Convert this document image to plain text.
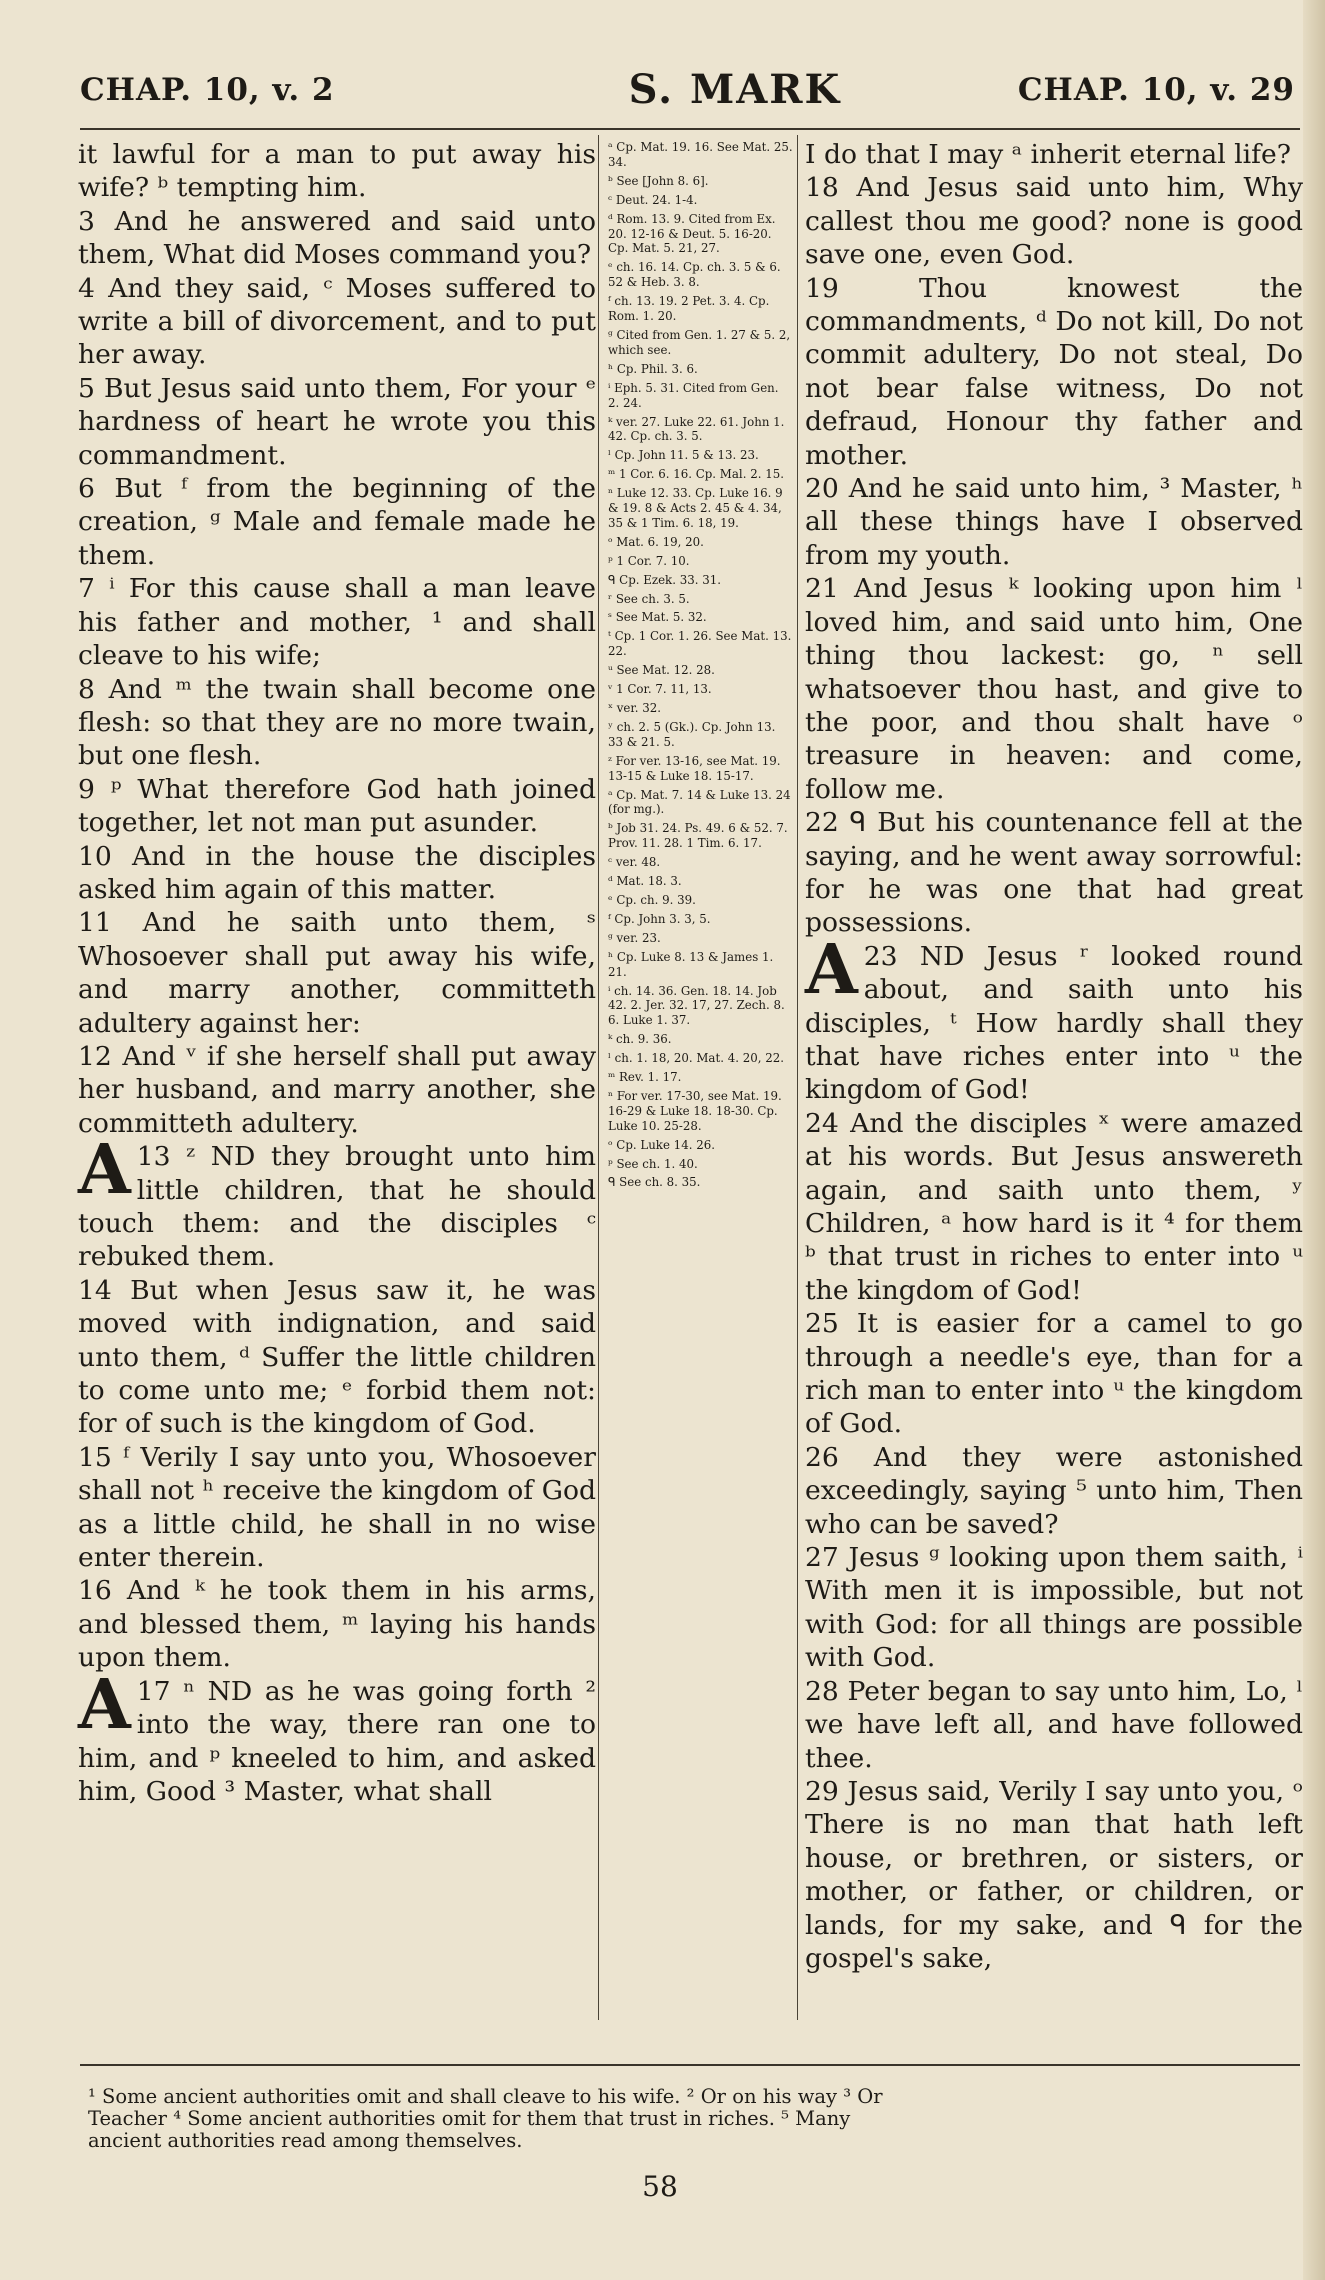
CHAP. 10, v. 2	S. MARK	CHAP. 10, v. 29

it lawful for a man to put away his wife? ᵇ tempting him.

3 And he answered and said unto them, What did Moses command you?

4 And they said, ᶜ Moses suffered to write a bill of divorcement, and to put her away.

5 But Jesus said unto them, For your ᵉ hardness of heart he wrote you this commandment.

6 But ᶠ from the beginning of the creation, ᵍ Male and female made he them.

7 ⁱ For this cause shall a man leave his father and mother, ¹ and shall cleave to his wife;

8 And ᵐ the twain shall become one flesh: so that they are no more twain, but one flesh.

9 ᵖ What therefore God hath joined together, let not man put asunder.

10 And in the house the disciples asked him again of this matter.

11 And he saith unto them, ˢ Whosoever shall put away his wife, and marry another, committeth adultery against her:

12 And ᵛ if she herself shall put away her husband, and marry another, she committeth adultery.

13 ᶻ
A	ND they brought unto him little children, that he should touch them: and the disciples ᶜ rebuked them.

14 But when Jesus saw it, he was moved with indignation, and said unto them, ᵈ Suffer the little children to come unto me; ᵉ forbid them not: for of such is the kingdom of God.

15 ᶠ Verily I say unto you, Whosoever shall not ʰ receive the kingdom of God as a little child, he shall in no wise enter therein.

16 And ᵏ he took them in his arms, and blessed them, ᵐ laying his hands upon them.

17 ⁿ
A	ND as he was going forth ² into the way, there ran one to him, and ᵖ kneeled to him, and asked him, Good ³ Master, what shall

ᵃ Cp. Mat. 19. 16. See Mat. 25. 34.
ᵇ See [John 8. 6].
ᶜ Deut. 24. 1-4.
ᵈ Rom. 13. 9. Cited from Ex. 20. 12-16 & Deut. 5. 16-20. Cp. Mat. 5. 21, 27.
ᵉ ch. 16. 14. Cp. ch. 3. 5 & 6. 52 & Heb. 3. 8.
ᶠ ch. 13. 19. 2 Pet. 3. 4. Cp. Rom. 1. 20.
ᵍ Cited from Gen. 1. 27 & 5. 2, which see.
ʰ Cp. Phil. 3. 6.
ⁱ Eph. 5. 31. Cited from Gen. 2. 24.
ᵏ ver. 27. Luke 22. 61. John 1. 42. Cp. ch. 3. 5.
ˡ Cp. John 11. 5 & 13. 23.
ᵐ 1 Cor. 6. 16. Cp. Mal. 2. 15.
ⁿ Luke 12. 33. Cp. Luke 16. 9 & 19. 8 & Acts 2. 45 & 4. 34, 35 & 1 Tim. 6. 18, 19.
ᵒ Mat. 6. 19, 20.
ᵖ 1 Cor. 7. 10.
ᑫ Cp. Ezek. 33. 31.
ʳ See ch. 3. 5.
ˢ See Mat. 5. 32.
ᵗ Cp. 1 Cor. 1. 26. See Mat. 13. 22.
ᵘ See Mat. 12. 28.
ᵛ 1 Cor. 7. 11, 13.
ˣ ver. 32.
ʸ ch. 2. 5 (Gk.). Cp. John 13. 33 & 21. 5.
ᶻ For ver. 13-16, see Mat. 19. 13-15 & Luke 18. 15-17.
ᵃ Cp. Mat. 7. 14 & Luke 13. 24 (for mg.).
ᵇ Job 31. 24. Ps. 49. 6 & 52. 7. Prov. 11. 28. 1 Tim. 6. 17.
ᶜ ver. 48.
ᵈ Mat. 18. 3.
ᵉ Cp. ch. 9. 39.
ᶠ Cp. John 3. 3, 5.
ᵍ ver. 23.
ʰ Cp. Luke 8. 13 & James 1. 21.
ⁱ ch. 14. 36. Gen. 18. 14. Job 42. 2. Jer. 32. 17, 27. Zech. 8. 6. Luke 1. 37.
ᵏ ch. 9. 36.
ˡ ch. 1. 18, 20. Mat. 4. 20, 22.
ᵐ Rev. 1. 17.
ⁿ For ver. 17-30, see Mat. 19. 16-29 & Luke 18. 18-30. Cp. Luke 10. 25-28.
ᵒ Cp. Luke 14. 26.
ᵖ See ch. 1. 40.
ᑫ See ch. 8. 35.

I do that I may ᵃ inherit eternal life?

18 And Jesus said unto him, Why callest thou me good? none is good save one, even God.

19 Thou knowest the commandments, ᵈ Do not kill, Do not commit adultery, Do not steal, Do not bear false witness, Do not defraud, Honour thy father and mother.

20 And he said unto him, ³ Master, ʰ all these things have I observed from my youth.

21 And Jesus ᵏ looking upon him ˡ loved him, and said unto him, One thing thou lackest: go, ⁿ sell whatsoever thou hast, and give to the poor, and thou shalt have ᵒ treasure in heaven: and come, follow me.

22 ᑫ But his countenance fell at the saying, and he went away sorrowful: for he was one that had great possessions.

23
A ND Jesus ʳ looked round about, and saith unto his disciples, ᵗ How hardly shall they that have riches enter into ᵘ the kingdom of God!

24 And the disciples ˣ were amazed at his words. But Jesus answereth again, and saith unto them, ʸ Children, ᵃ how hard is it ⁴ for them ᵇ that trust in riches to enter into ᵘ the kingdom of God!

25 It is easier for a camel to go through a needle's eye, than for a rich man to enter into ᵘ the kingdom of God.

26 And they were astonished exceedingly, saying ⁵ unto him, Then who can be saved?

27 Jesus ᵍ looking upon them saith, ⁱ With men it is impossible, but not with God: for all things are possible with God.

28 Peter began to say unto him, Lo, ˡ we have left all, and have followed thee.

29 Jesus said, Verily I say unto you, ᵒ There is no man that hath left house, or brethren, or sisters, or mother, or father, or children, or lands, for my sake, and ᑫ for the gospel's sake,

¹ Some ancient authorities omit and shall cleave to his wife. ² Or on his way ³ Or
Teacher ⁴ Some ancient authorities omit for them that trust in riches. ⁵ Many
ancient authorities read among themselves.
58
